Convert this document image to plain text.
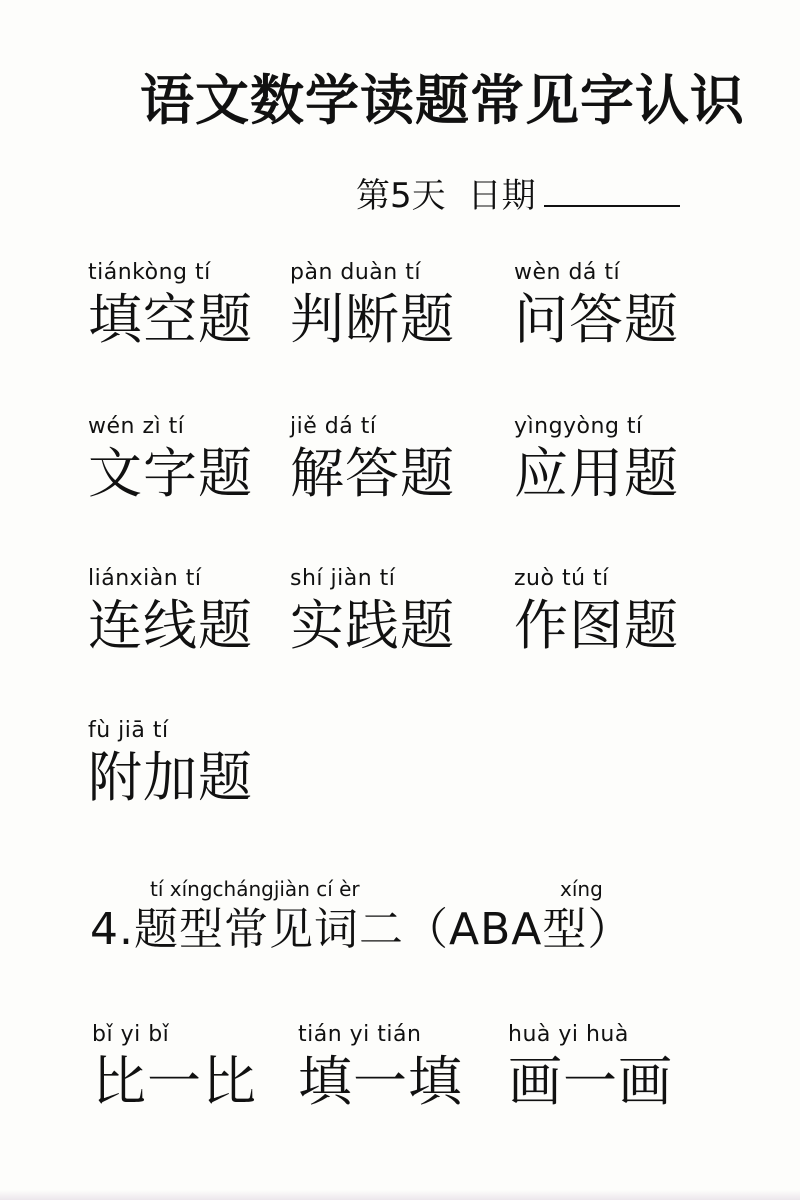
语文数学读题常见字认识
第5天 日期
tiánkòng tí
填空题
pàn duàn tí
判断题
wèn dá tí
问答题
wén zì tí
文字题
jiě dá tí
解答题
yìngyòng tí
应用题
liánxiàn tí
连线题
shí jiàn tí
实践题
zuò tú tí
作图题
fù jiā tí
附加题
tí xíngchángjiàn cí èr	xíng
4.题型常见词二（ABA型）
bǐ yi bǐ
比一比
tián yi tián
填一填
huà yi huà
画一画
